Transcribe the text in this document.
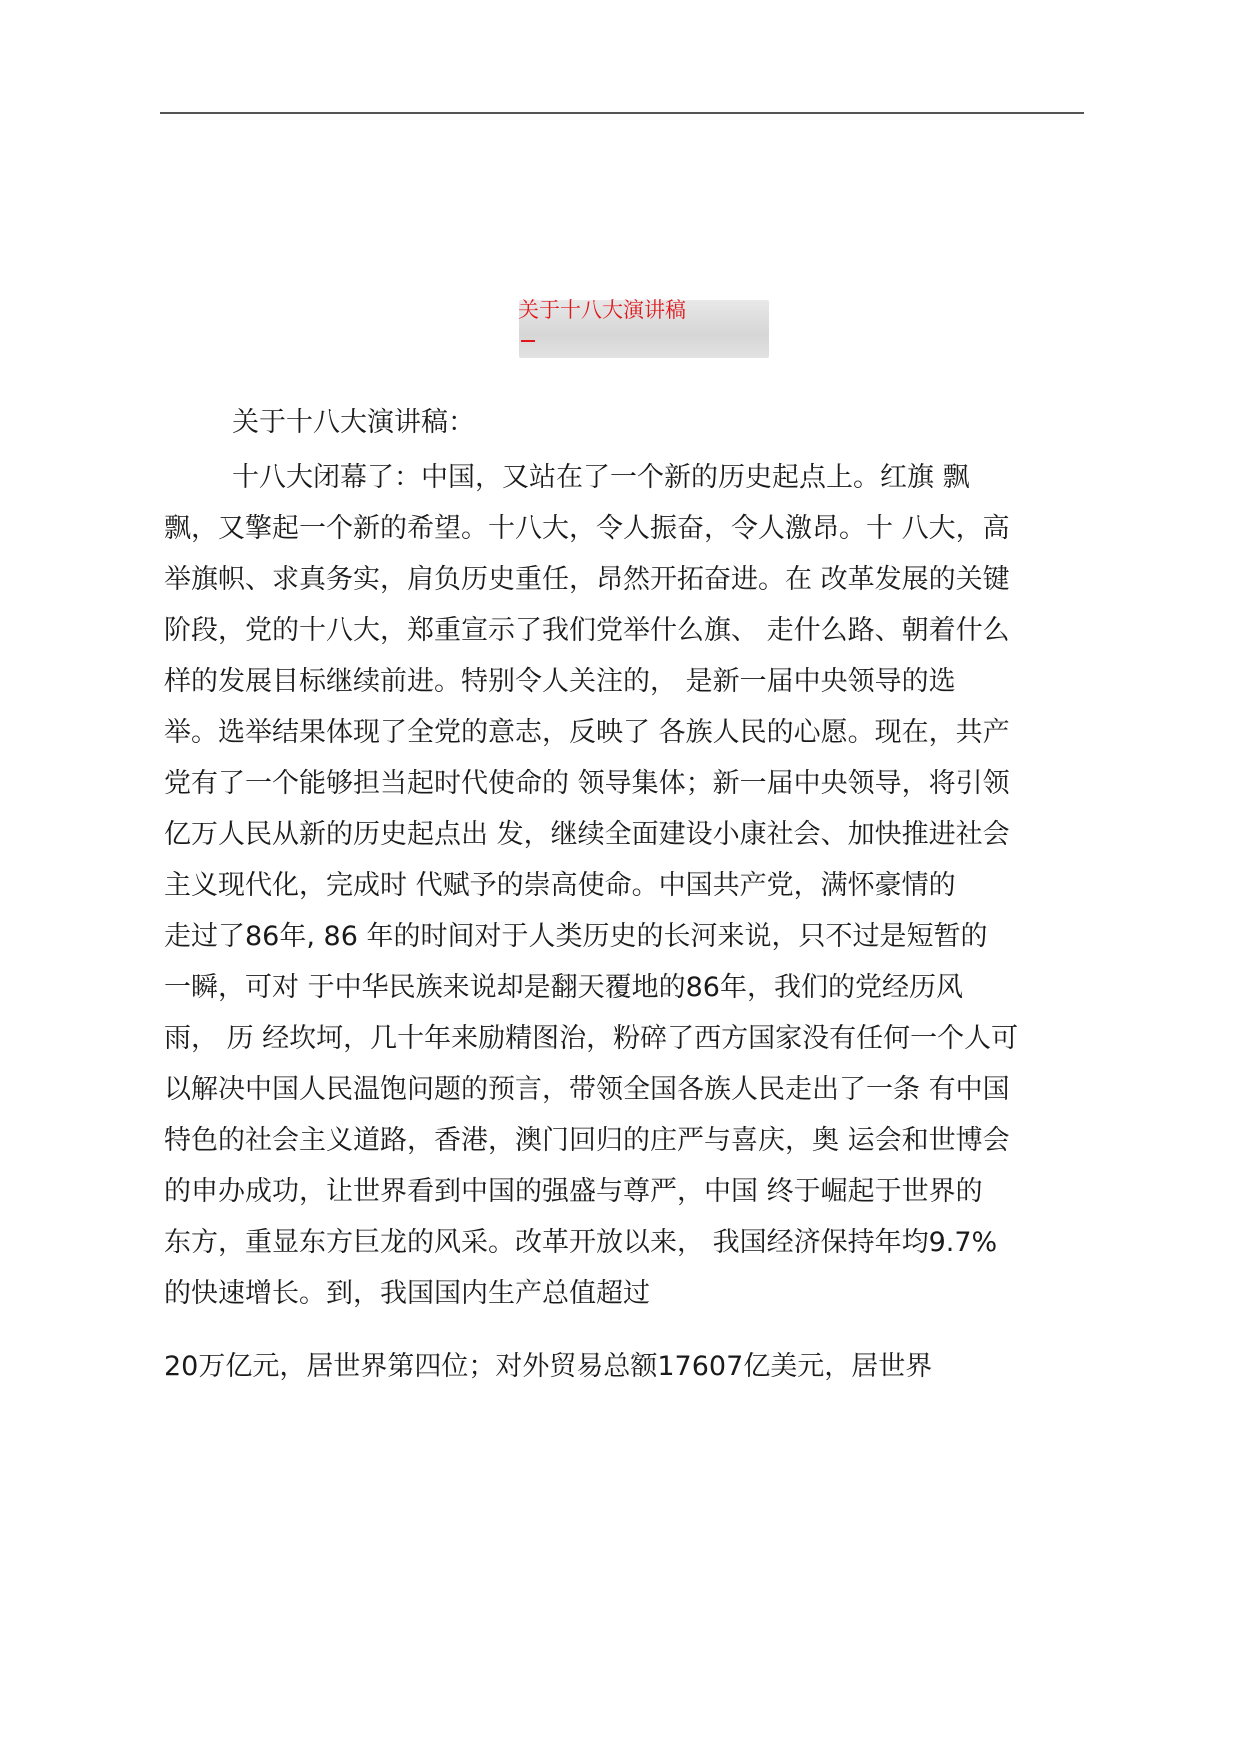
关于十八大演讲稿
关于十八大演讲稿：
十八大闭幕了：中国，又站在了一个新的历史起点上。红旗 飘
飘，又擎起一个新的希望。十八大，令人振奋，令人激昂。十 八大，高
举旗帜、求真务实，肩负历史重任，昂然开拓奋进。在 改革发展的关键
阶段，党的十八大，郑重宣示了我们党举什么旗、 走什么路、朝着什么
样的发展目标继续前进。特别令人关注的， 是新一届中央领导的选
举。选举结果体现了全党的意志，反映了 各族人民的心愿。现在，共产
党有了一个能够担当起时代使命的 领导集体；新一届中央领导，将引领
亿万人民从新的历史起点出 发，继续全面建设小康社会、加快推进社会
主义现代化，完成时 代赋予的崇高使命。中国共产党，满怀豪情的
走过了86年, 86 年的时间对于人类历史的长河来说，只不过是短暂的
一瞬，可对 于中华民族来说却是翻天覆地的86年，我们的党经历风
雨， 历 经坎坷，几十年来励精图治，粉碎了西方国家没有任何一个人可
以解决中国人民温饱问题的预言，带领全国各族人民走出了一条 有中国
特色的社会主义道路，香港，澳门回归的庄严与喜庆，奥 运会和世博会
的申办成功，让世界看到中国的强盛与尊严，中国 终于崛起于世界的
东方，重显东方巨龙的风采。改革开放以来， 我国经济保持年均9.7%
的快速增长。到，我国国内生产总值超过
20万亿元，居世界第四位；对外贸易总额17607亿美元，居世界
